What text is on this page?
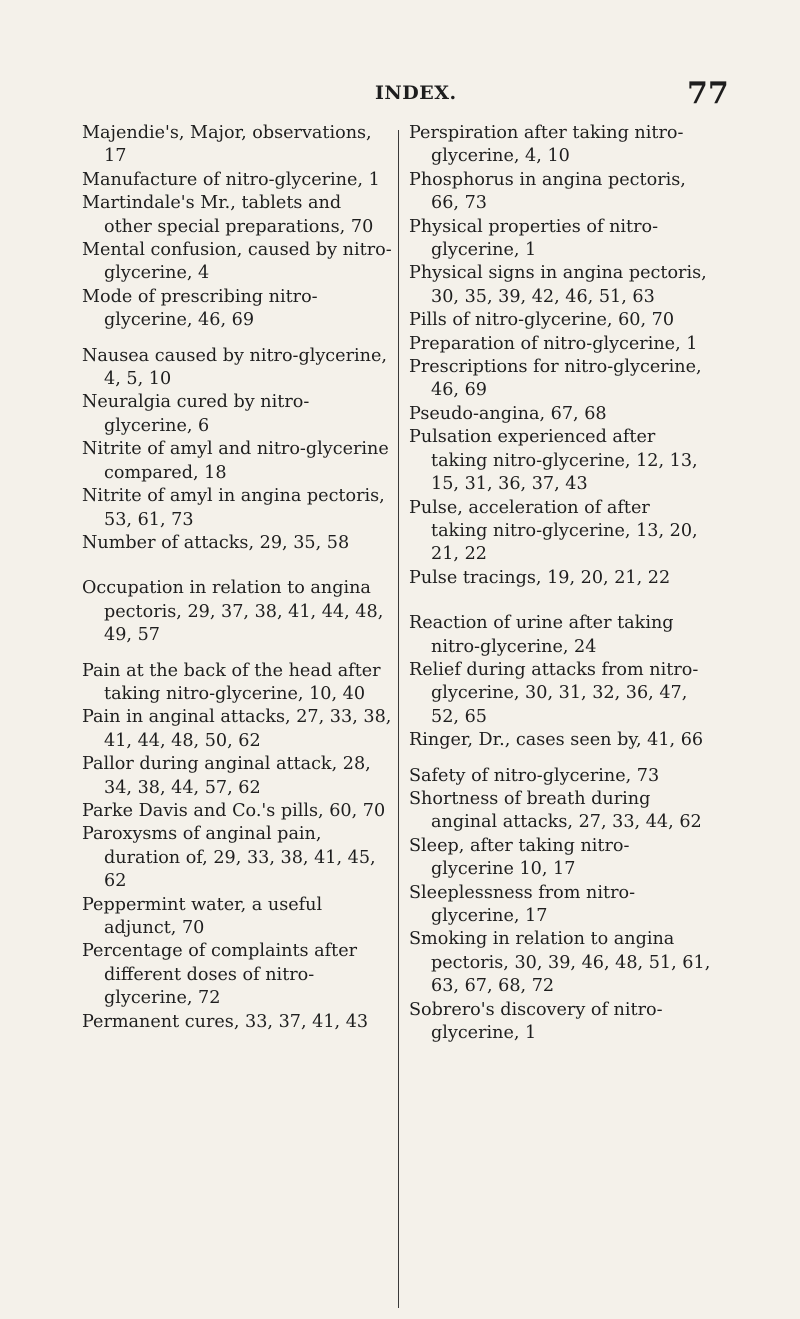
INDEX.	77
Majendie's, Major, observations, 17
Manufacture of nitro-glycerine, 1
Martindale's Mr., tablets and other special preparations, 70
Mental confusion, caused by nitro-glycerine, 4
Mode of prescribing nitro-glycerine, 46, 69
Nausea caused by nitro-glycerine, 4, 5, 10
Neuralgia cured by nitro-glycerine, 6
Nitrite of amyl and nitro-glycerine compared, 18
Nitrite of amyl in angina pectoris, 53, 61, 73
Number of attacks, 29, 35, 58
Occupation in relation to angina pectoris, 29, 37, 38, 41, 44, 48, 49, 57
Pain at the back of the head after taking nitro-glycerine, 10, 40
Pain in anginal attacks, 27, 33, 38, 41, 44, 48, 50, 62
Pallor during anginal attack, 28, 34, 38, 44, 57, 62
Parke Davis and Co.'s pills, 60, 70
Paroxysms of anginal pain, duration of, 29, 33, 38, 41, 45, 62
Peppermint water, a useful adjunct, 70
Percentage of complaints after different doses of nitro-glycerine, 72
Permanent cures, 33, 37, 41, 43
Perspiration after taking nitro-glycerine, 4, 10
Phosphorus in angina pectoris, 66, 73
Physical properties of nitro-glycerine, 1
Physical signs in angina pectoris, 30, 35, 39, 42, 46, 51, 63
Pills of nitro-glycerine, 60, 70
Preparation of nitro-glycerine, 1
Prescriptions for nitro-glycerine, 46, 69
Pseudo-angina, 67, 68
Pulsation experienced after taking nitro-glycerine, 12, 13, 15, 31, 36, 37, 43
Pulse, acceleration of after taking nitro-glycerine, 13, 20, 21, 22
Pulse tracings, 19, 20, 21, 22
Reaction of urine after taking nitro-glycerine, 24
Relief during attacks from nitro-glycerine, 30, 31, 32, 36, 47, 52, 65
Ringer, Dr., cases seen by, 41, 66
Safety of nitro-glycerine, 73
Shortness of breath during anginal attacks, 27, 33, 44, 62
Sleep, after taking nitro-glycerine 10, 17
Sleeplessness from nitro-glycerine, 17
Smoking in relation to angina pectoris, 30, 39, 46, 48, 51, 61, 63, 67, 68, 72
Sobrero's discovery of nitro-glycerine, 1
